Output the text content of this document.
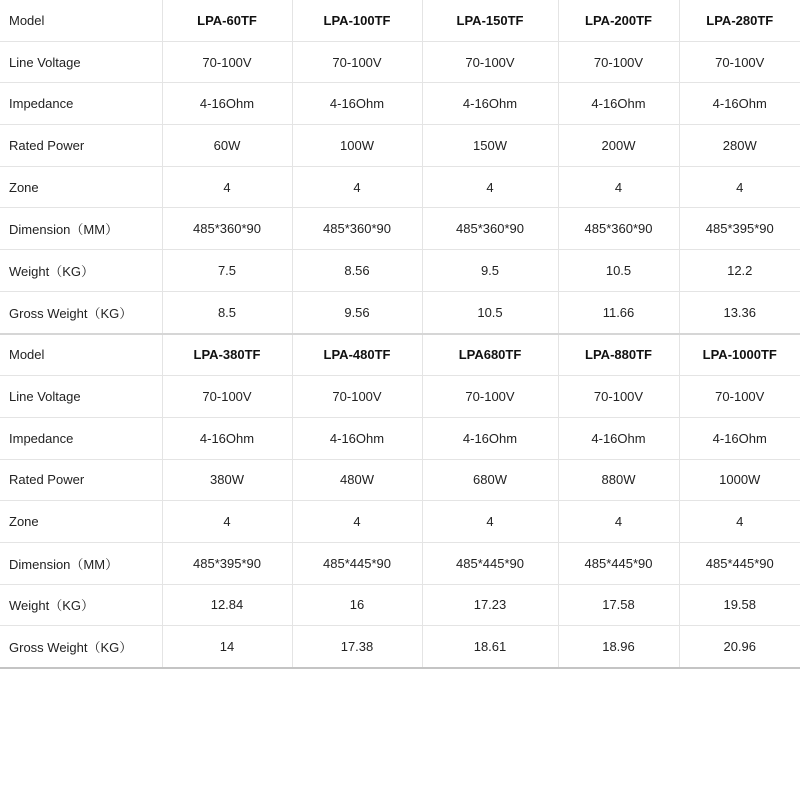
Model	LPA-60TF	LPA-100TF	LPA-150TF	LPA-200TF	LPA-280TF
Line Voltage	70-100V	70-100V	70-100V	70-100V	70-100V
Impedance	4-16Ohm	4-16Ohm	4-16Ohm	4-16Ohm	4-16Ohm
Rated Power	60W	100W	150W	200W	280W
Zone	4	4	4	4	4
Dimension（MM）	485*360*90	485*360*90	485*360*90	485*360*90	485*395*90
Weight（KG）	7.5	8.56	9.5	10.5	12.2
Gross Weight（KG）	8.5	9.56	10.5	11.66	13.36
Model	LPA-380TF	LPA-480TF	LPA680TF	LPA-880TF	LPA-1000TF
Line Voltage	70-100V	70-100V	70-100V	70-100V	70-100V
Impedance	4-16Ohm	4-16Ohm	4-16Ohm	4-16Ohm	4-16Ohm
Rated Power	380W	480W	680W	880W	1000W
Zone	4	4	4	4	4
Dimension（MM）	485*395*90	485*445*90	485*445*90	485*445*90	485*445*90
Weight（KG）	12.84	16	17.23	17.58	19.58
Gross Weight（KG）	14	17.38	18.61	18.96	20.96
